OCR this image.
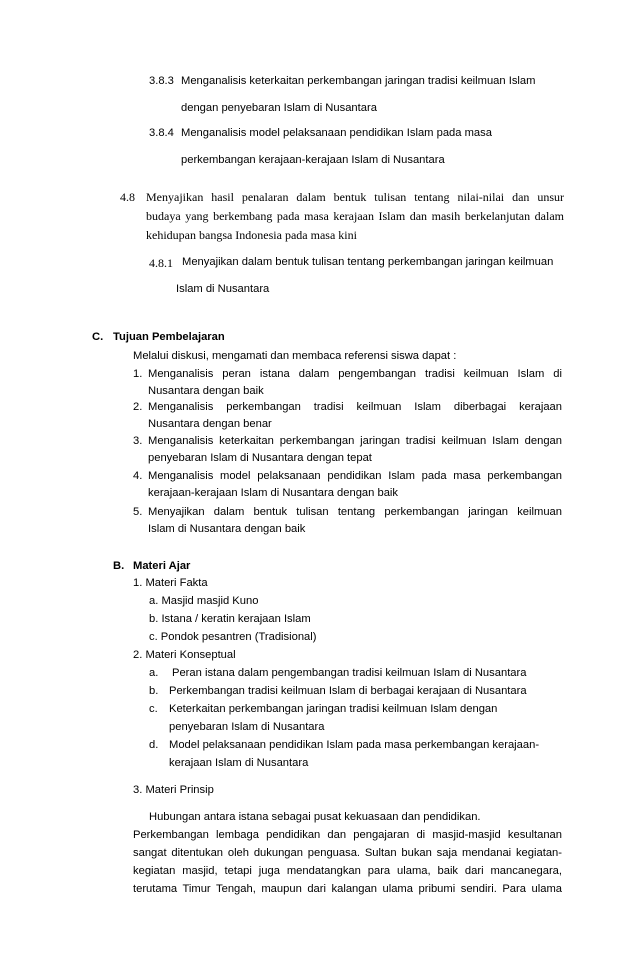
3.8.3 Menganalisis keterkaitan perkembangan jaringan tradisi keilmuan Islam
dengan penyebaran Islam di Nusantara
3.8.4 Menganalisis model pelaksanaan pendidikan Islam pada masa
perkembangan kerajaan-kerajaan Islam di Nusantara
4.8 Menyajikan hasil penalaran dalam bentuk tulisan tentang nilai-nilai dan unsur
budaya yang berkembang pada masa kerajaan Islam dan masih berkelanjutan dalam
kehidupan bangsa Indonesia pada masa kini
4.8.1 Menyajikan dalam bentuk tulisan tentang perkembangan jaringan keilmuan
Islam di Nusantara
C. Tujuan Pembelajaran
Melalui diskusi, mengamati dan membaca referensi siswa dapat :
1. Menganalisis peran istana dalam pengembangan tradisi keilmuan Islam di
Nusantara dengan baik
2. Menganalisis perkembangan tradisi keilmuan Islam diberbagai kerajaan
Nusantara dengan benar
3. Menganalisis keterkaitan perkembangan jaringan tradisi keilmuan Islam dengan
penyebaran Islam di Nusantara dengan tepat
4. Menganalisis model pelaksanaan pendidikan Islam pada masa perkembangan
kerajaan-kerajaan Islam di Nusantara dengan baik
5. Menyajikan dalam bentuk tulisan tentang perkembangan jaringan keilmuan
Islam di Nusantara dengan baik
B. Materi Ajar
1. Materi Fakta
a. Masjid masjid Kuno
b. Istana / keratin kerajaan Islam
c. Pondok pesantren (Tradisional)
2. Materi Konseptual
a. Peran istana dalam pengembangan tradisi keilmuan Islam di Nusantara
b. Perkembangan tradisi keilmuan Islam di berbagai kerajaan di Nusantara
c. Keterkaitan perkembangan jaringan tradisi keilmuan Islam dengan
penyebaran Islam di Nusantara
d. Model pelaksanaan pendidikan Islam pada masa perkembangan kerajaan-
kerajaan Islam di Nusantara
3. Materi Prinsip
Hubungan antara istana sebagai pusat kekuasaan dan pendidikan.
Perkembangan lembaga pendidikan dan pengajaran di masjid-masjid kesultanan
sangat ditentukan oleh dukungan penguasa. Sultan bukan saja mendanai kegiatan-
kegiatan masjid, tetapi juga mendatangkan para ulama, baik dari mancanegara,
terutama Timur Tengah, maupun dari kalangan ulama pribumi sendiri. Para ulama
